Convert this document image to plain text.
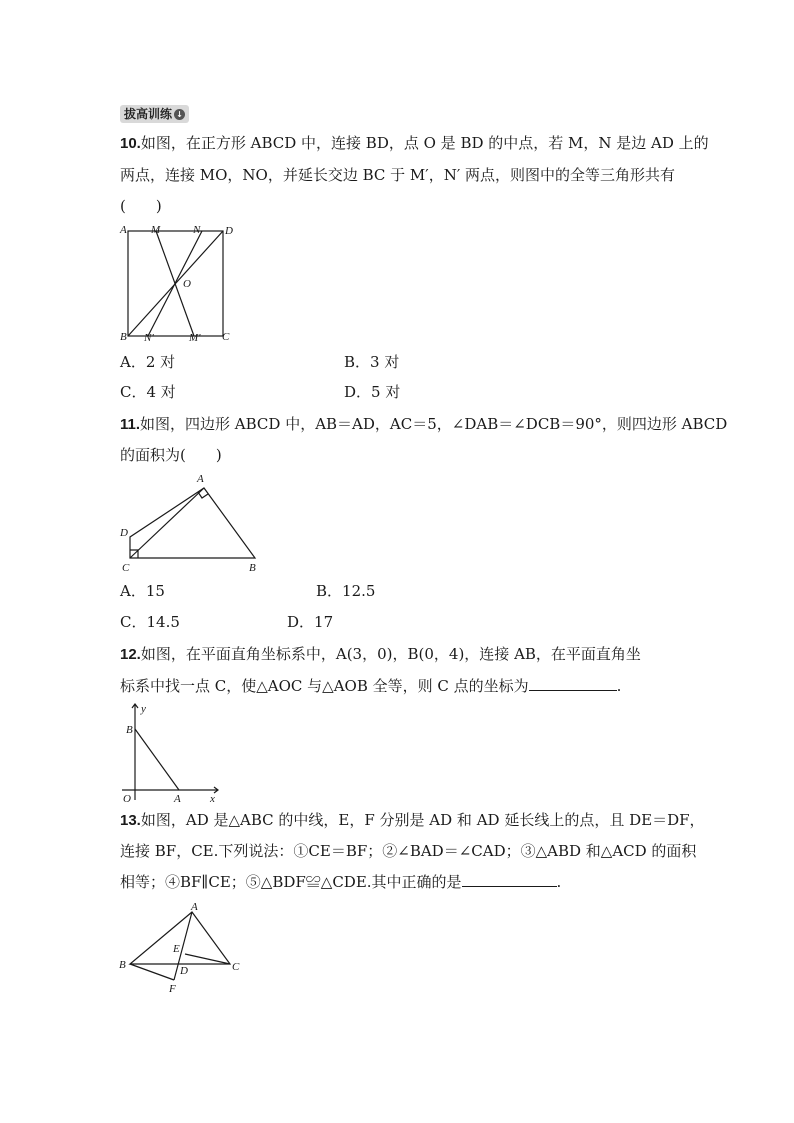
拔高训练 ↓
10.如图，在正方形 ABCD 中，连接 BD，点 O 是 BD 的中点，若 M，N 是边 AD 上的
两点，连接 MO，NO，并延长交边 BC 于 M′，N′ 两点，则图中的全等三角形共有
(　　)
A M	N D
O
B N′	M′ C
A．2 对	B．3 对
C．4 对	D．5 对
11.如图，四边形 ABCD 中，AB＝AD，AC＝5，∠DAB＝∠DCB＝90°，则四边形 ABCD
的面积为(　　)
A
D
C	B
A．15	B．12.5
C．14.5	D．17
12.如图，在平面直角坐标系中，A(3，0)，B(0，4)，连接 AB，在平面直角坐
标系中找一点 C，使△AOC 与△AOB 全等，则 C 点的坐标为	.
y
B
O	A	x
13.如图，AD 是△ABC 的中线，E，F 分别是 AD 和 AD 延长线上的点，且 DE＝DF，
连接 BF，CE.下列说法：①CE＝BF；②∠BAD＝∠CAD；③△ABD 和△ACD 的面积
相等；④BF∥CE；⑤△BDF≌△CDE.其中正确的是	.
A
E
B	D	C
F
